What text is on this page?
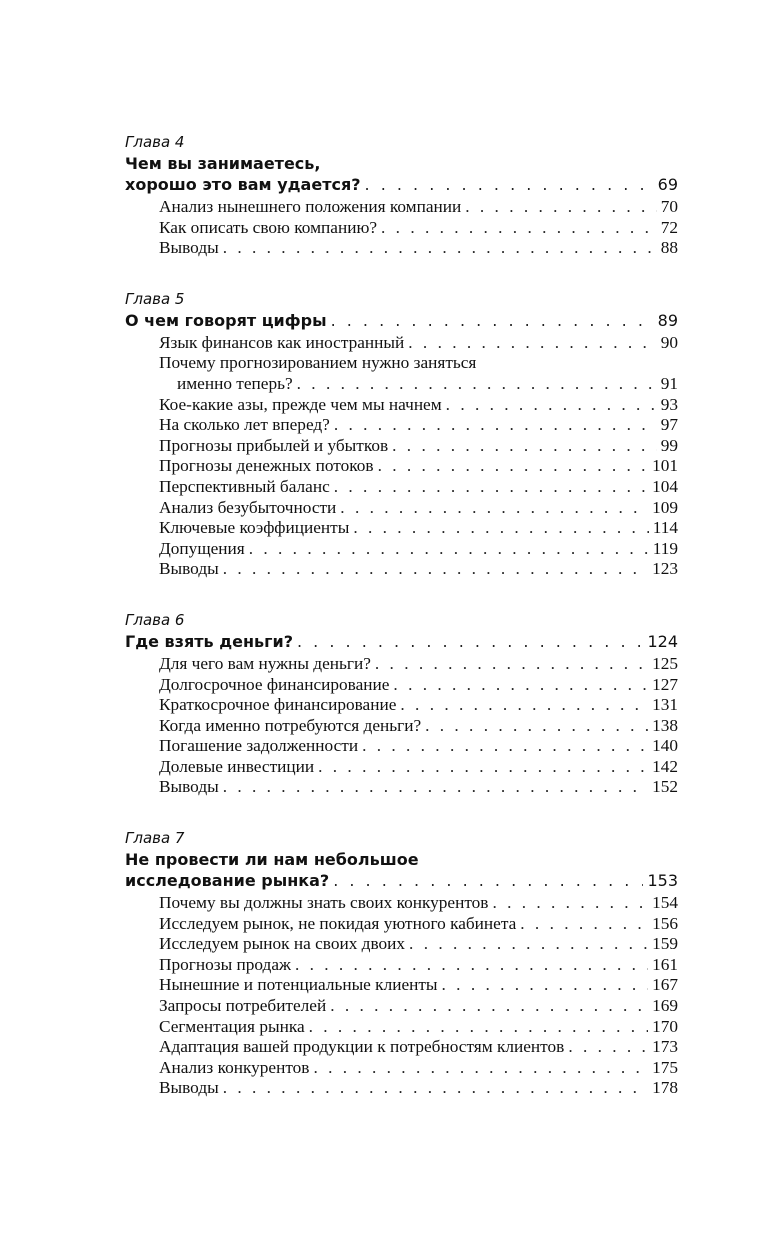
Глава 4
Чем вы занимаетесь,
хорошо это вам удается? . . .	69
Анализ нынешнего положения компании . . .	70
Как описать свою компанию? . . .	72
Выводы . . .	88
Глава 5
О чем говорят цифры . . .	89
Язык финансов как иностранный . . .	90
Почему прогнозированием нужно заняться
именно теперь? . . .	91
Кое-какие азы, прежде чем мы начнем . . .	93
На сколько лет вперед? . . .	97
Прогнозы прибылей и убытков . . .	99
Прогнозы денежных потоков . . .	101
Перспективный баланс . . .	104
Анализ безубыточности . . .	109
Ключевые коэффициенты . . .	114
Допущения . . .	119
Выводы . . .	123
Глава 6
Где взять деньги? . . .	124
Для чего вам нужны деньги? . . .	125
Долгосрочное финансирование . . .	127
Краткосрочное финансирование . . .	131
Когда именно потребуются деньги? . . .	138
Погашение задолженности . . .	140
Долевые инвестиции . . .	142
Выводы . . .	152
Глава 7
Не провести ли нам небольшое
исследование рынка? . . .	153
Почему вы должны знать своих конкурентов . . .	154
Исследуем рынок, не покидая уютного кабинета . . .	156
Исследуем рынок на своих двоих . . .	159
Прогнозы продаж . . .	161
Нынешние и потенциальные клиенты . . .	167
Запросы потребителей . . .	169
Сегментация рынка . . .	170
Адаптация вашей продукции к потребностям клиентов . . .	173
Анализ конкурентов . . .	175
Выводы . . .	178
